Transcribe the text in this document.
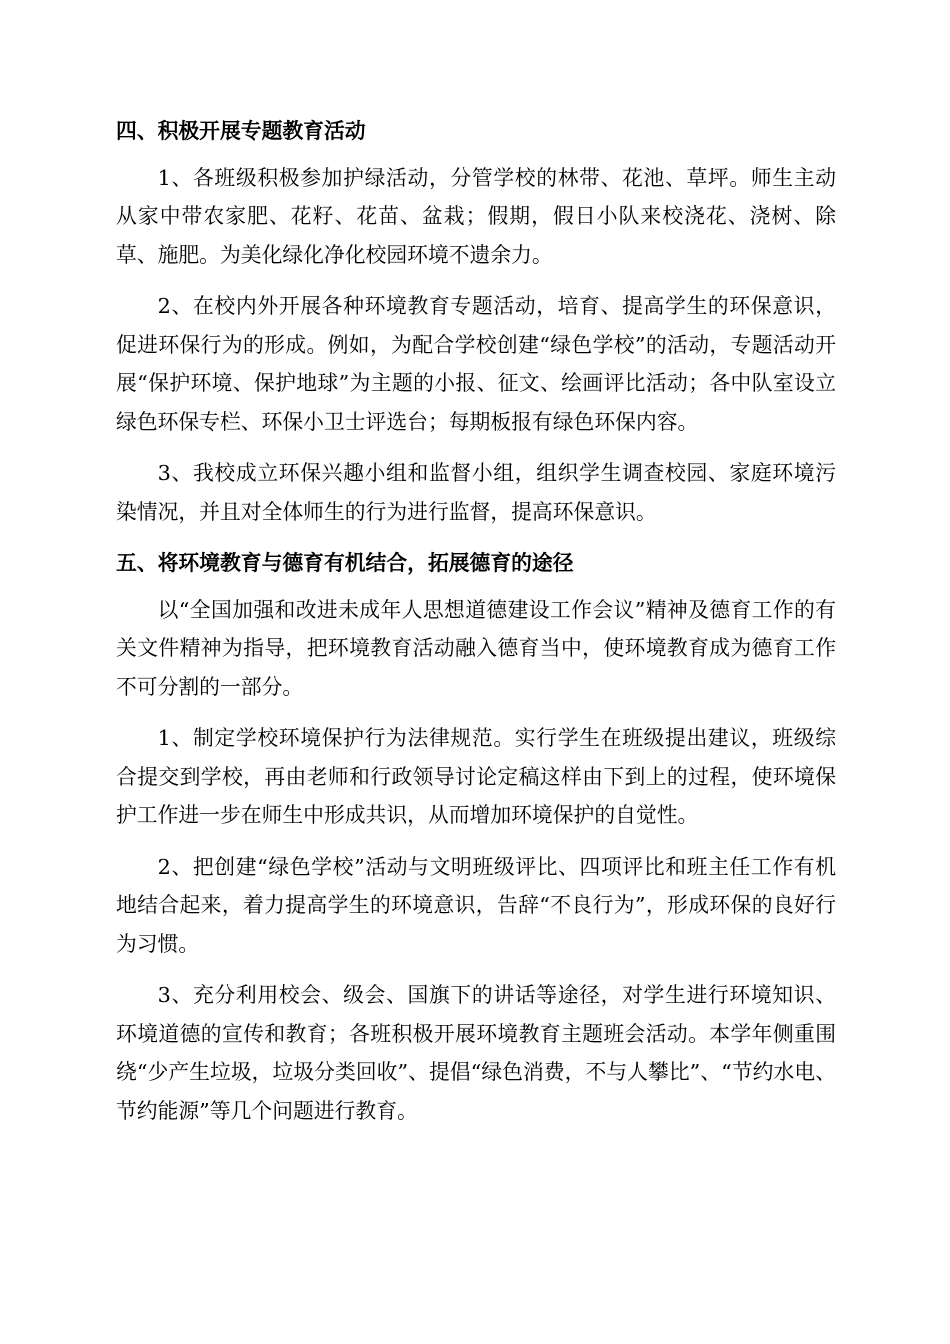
四、积极开展专题教育活动

1、各班级积极参加护绿活动，分管学校的林带、花池、草坪。师生主动从家中带农家肥、花籽、花苗、盆栽；假期，假日小队来校浇花、浇树、除草、施肥。为美化绿化净化校园环境不遗余力。

2、在校内外开展各种环境教育专题活动，培育、提高学生的环保意识，促进环保行为的形成。例如，为配合学校创建“绿色学校”的活动，专题活动开展“保护环境、保护地球”为主题的小报、征文、绘画评比活动；各中队室设立绿色环保专栏、环保小卫士评选台；每期板报有绿色环保内容。

3、我校成立环保兴趣小组和监督小组，组织学生调查校园、家庭环境污染情况，并且对全体师生的行为进行监督，提高环保意识。

五、将环境教育与德育有机结合，拓展德育的途径

以“全国加强和改进未成年人思想道德建设工作会议”精神及德育工作的有关文件精神为指导，把环境教育活动融入德育当中，使环境教育成为德育工作不可分割的一部分。

1、制定学校环境保护行为法律规范。实行学生在班级提出建议，班级综合提交到学校，再由老师和行政领导讨论定稿这样由下到上的过程，使环境保护工作进一步在师生中形成共识，从而增加环境保护的自觉性。

2、把创建“绿色学校”活动与文明班级评比、四项评比和班主任工作有机地结合起来，着力提高学生的环境意识，告辞“不良行为”，形成环保的良好行为习惯。

3、充分利用校会、级会、国旗下的讲话等途径，对学生进行环境知识、环境道德的宣传和教育；各班积极开展环境教育主题班会活动。本学年侧重围绕“少产生垃圾，垃圾分类回收”、提倡“绿色消费，不与人攀比”、“节约水电、节约能源”等几个问题进行教育。
